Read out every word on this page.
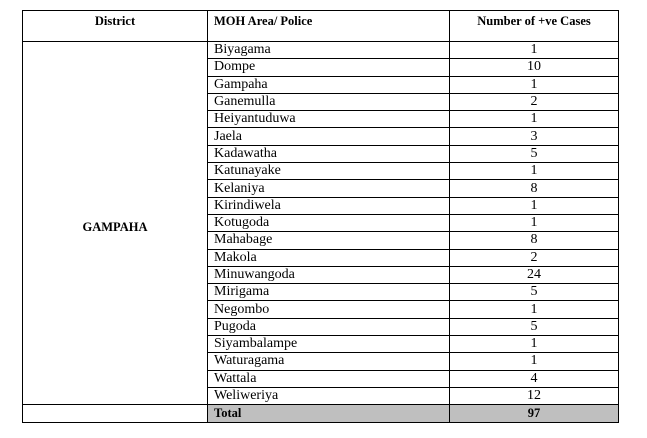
District	MOH Area/ Police	Number of +ve Cases
GAMPAHA	Biyagama	1
	Dompe	10
	Gampaha	1
	Ganemulla	2
	Heiyantuduwa	1
	Jaela	3
	Kadawatha	5
	Katunayake	1
	Kelaniya	8
	Kirindiwela	1
	Kotugoda	1
	Mahabage	8
	Makola	2
	Minuwangoda	24
	Mirigama	5
	Negombo	1
	Pugoda	5
	Siyambalampe	1
	Waturagama	1
	Wattala	4
	Weliweriya	12
	Total	97
